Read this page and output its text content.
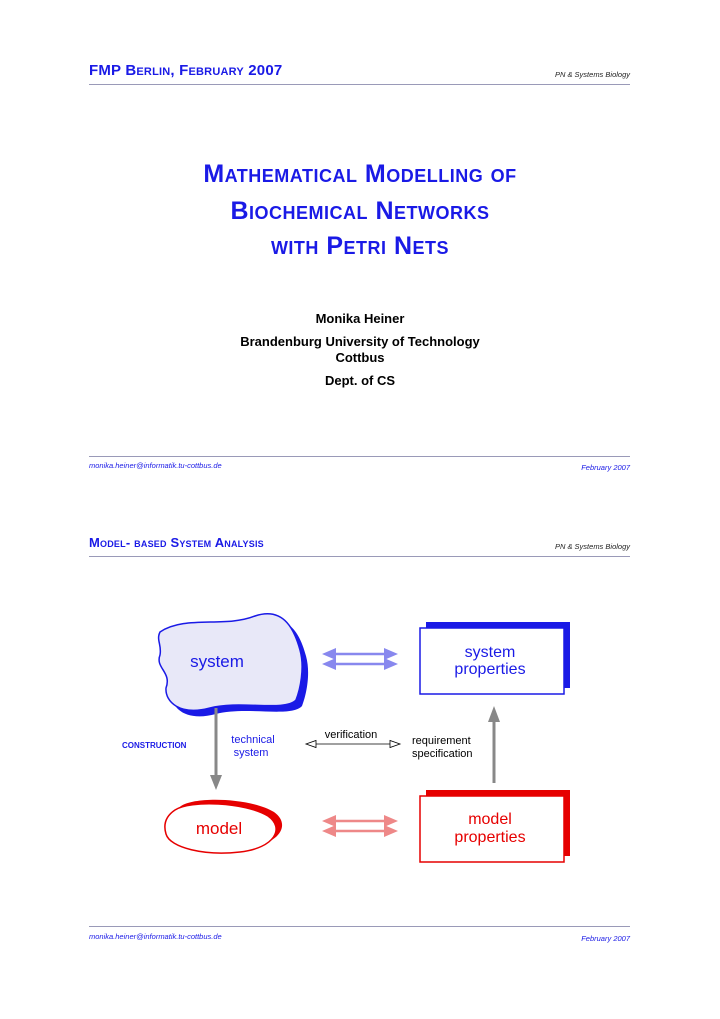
FMP Berlin, February 2007	PN & Systems Biology
Mathematical Modelling of
Biochemical Networks
with Petri Nets
Monika Heiner
Brandenburg University of Technology
Cottbus
Dept. of CS
monika.heiner@informatik.tu-cottbus.de	February 2007
Model- based System Analysis	PN & Systems Biology
system	system
properties
CONSTRUCTION	technical
system
verification	requirement
specification
model	model
properties
monika.heiner@informatik.tu-cottbus.de	February 2007
